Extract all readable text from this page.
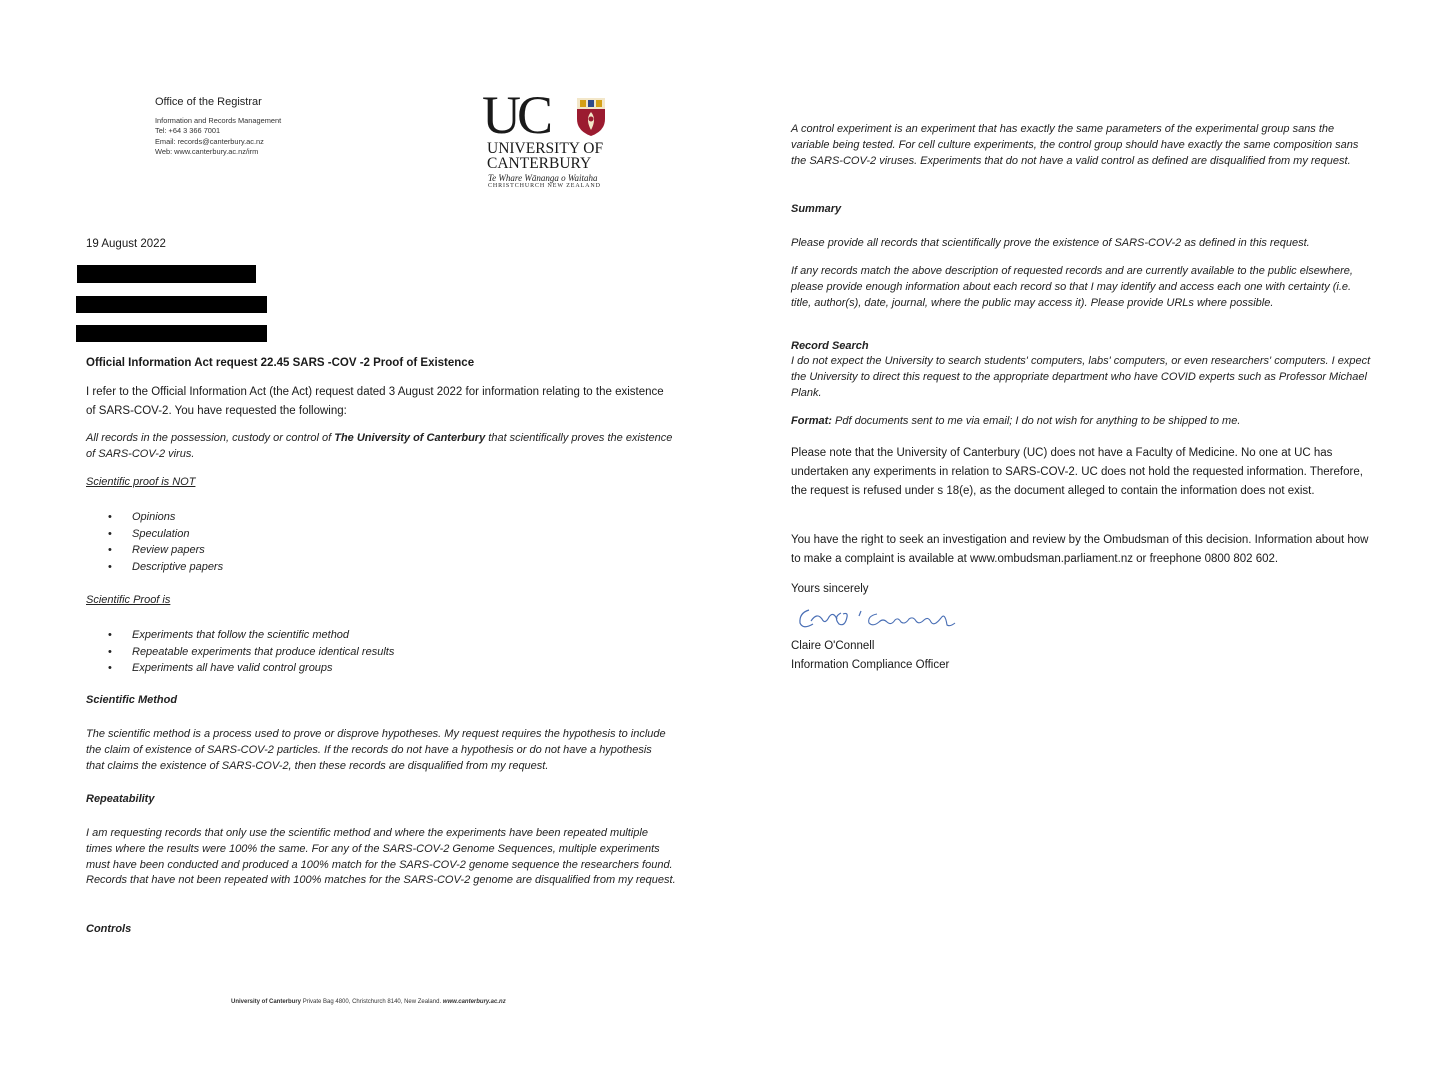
Office of the Registrar
Information and Records Management
Tel: +64 3 366 7001
Email: records@canterbury.ac.nz
Web: www.canterbury.ac.nz/irm
UC
UNIVERSITY OF
CANTERBURY
Te Whare Wānanga o Waitaha
CHRISTCHURCH NEW ZEALAND
19 August 2022
Official Information Act request 22.45 SARS -COV -2 Proof of Existence
I refer to the Official Information Act (the Act) request dated 3 August 2022 for information relating to the existence of SARS-COV-2. You have requested the following:
All records in the possession, custody or control of The University of Canterbury that scientifically proves the existence of SARS-COV-2 virus.
Scientific proof is NOT
• Opinions
• Speculation
• Review papers
• Descriptive papers
Scientific Proof is
• Experiments that follow the scientific method
• Repeatable experiments that produce identical results
• Experiments all have valid control groups
Scientific Method
The scientific method is a process used to prove or disprove hypotheses. My request requires the hypothesis to include the claim of existence of SARS-COV-2 particles. If the records do not have a hypothesis or do not have a hypothesis that claims the existence of SARS-COV-2, then these records are disqualified from my request.
Repeatability
I am requesting records that only use the scientific method and where the experiments have been repeated multiple times where the results were 100% the same. For any of the SARS-COV-2 Genome Sequences, multiple experiments must have been conducted and produced a 100% match for the SARS-COV-2 genome sequence the researchers found. Records that have not been repeated with 100% matches for the SARS-COV-2 genome are disqualified from my request.
Controls
University of Canterbury Private Bag 4800, Christchurch 8140, New Zealand. www.canterbury.ac.nz
A control experiment is an experiment that has exactly the same parameters of the experimental group sans the variable being tested. For cell culture experiments, the control group should have exactly the same composition sans the SARS-COV-2 viruses. Experiments that do not have a valid control as defined are disqualified from my request.
Summary
Please provide all records that scientifically prove the existence of SARS-COV-2 as defined in this request.
If any records match the above description of requested records and are currently available to the public elsewhere, please provide enough information about each record so that I may identify and access each one with certainty (i.e. title, author(s), date, journal, where the public may access it). Please provide URLs where possible.
Record Search
I do not expect the University to search students' computers, labs' computers, or even researchers' computers. I expect the University to direct this request to the appropriate department who have COVID experts such as Professor Michael Plank.
Format: Pdf documents sent to me via email; I do not wish for anything to be shipped to me.
Please note that the University of Canterbury (UC) does not have a Faculty of Medicine. No one at UC has undertaken any experiments in relation to SARS-COV-2. UC does not hold the requested information. Therefore, the request is refused under s 18(e), as the document alleged to contain the information does not exist.
You have the right to seek an investigation and review by the Ombudsman of this decision. Information about how to make a complaint is available at www.ombudsman.parliament.nz or freephone 0800 802 602.
Yours sincerely
Claire O'Connell
Information Compliance Officer
